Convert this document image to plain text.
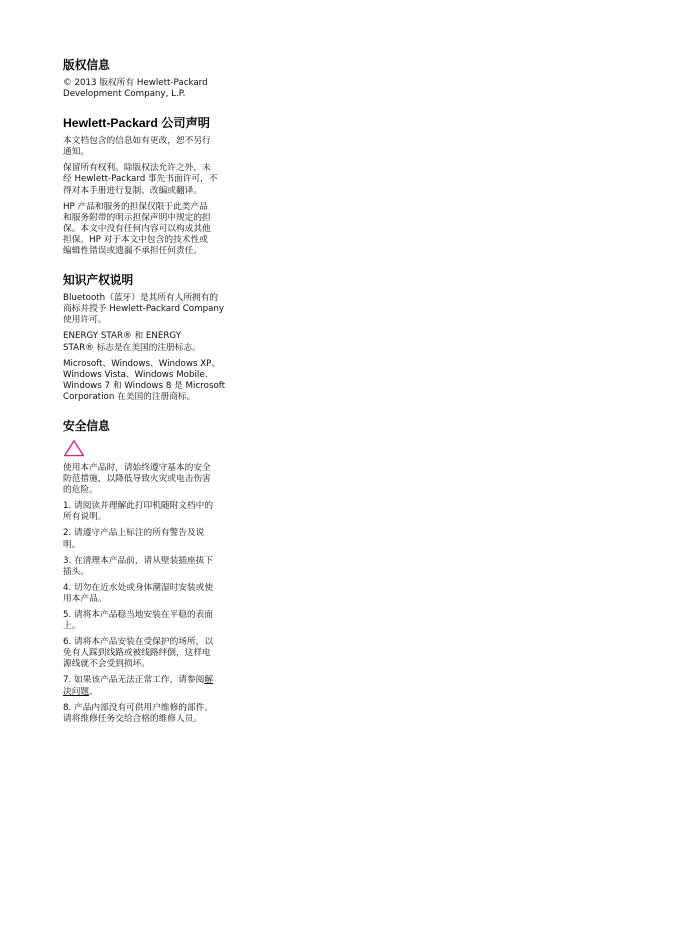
版权信息

© 2013 版权所有 Hewlett-Packard
Development Company, L.P.

Hewlett-Packard 公司声明

本文档包含的信息如有更改，恕不另行
通知。

保留所有权利。除版权法允许之外，未
经 Hewlett-Packard 事先书面许可，不
得对本手册进行复制、改编或翻译。

HP 产品和服务的担保仅限于此类产品
和服务附带的明示担保声明中规定的担
保。本文中没有任何内容可以构成其他
担保。HP 对于本文中包含的技术性或
编辑性错误或遗漏不承担任何责任。

知识产权说明

Bluetooth（蓝牙）是其所有人所拥有的
商标并授予 Hewlett-Packard Company
使用许可。

ENERGY STAR® 和 ENERGY
STAR® 标志是在美国的注册标志。

Microsoft、Windows、Windows XP、
Windows Vista、Windows Mobile、
Windows 7 和 Windows 8 是 Microsoft
Corporation 在美国的注册商标。

安全信息

使用本产品时，请始终遵守基本的安全
防范措施，以降低导致火灾或电击伤害
的危险。

1. 请阅读并理解此打印机随附文档中的
所有说明。

2. 请遵守产品上标注的所有警告及说
明。

3. 在清理本产品前，请从壁装插座拔下
插头。

4. 切勿在近水处或身体潮湿时安装或使
用本产品。

5. 请将本产品稳当地安装在平稳的表面
上。

6. 请将本产品安装在受保护的场所，以
免有人踩到线路或被线路绊倒，这样电
源线就不会受到损坏。

7. 如果该产品无法正常工作，请参阅解
决问题。

8. 产品内部没有可供用户维修的部件。
请将维修任务交给合格的维修人员。
